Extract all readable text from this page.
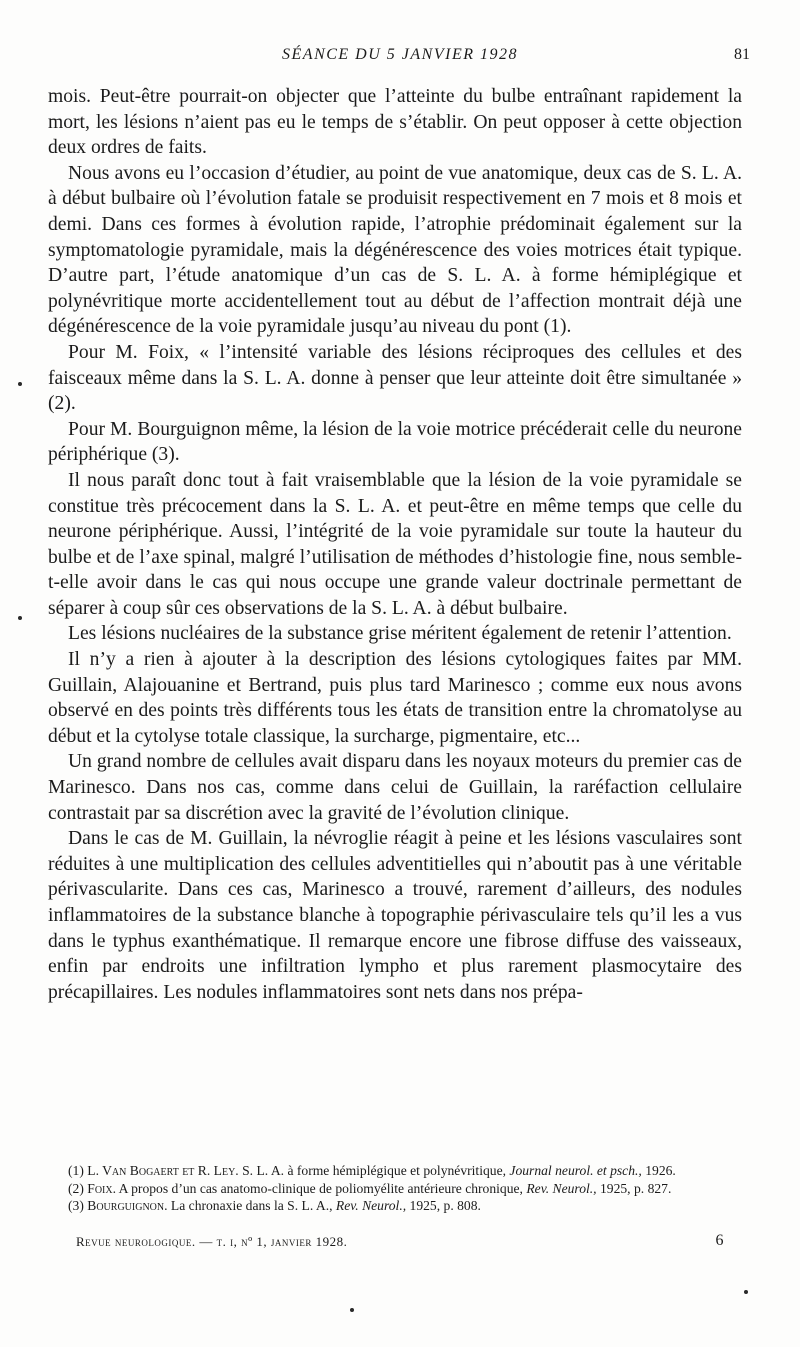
SÉANCE DU 5 JANVIER 1928	81

mois. Peut-être pourrait-on objecter que l’atteinte du bulbe entraînant rapidement la mort, les lésions n’aient pas eu le temps de s’établir. On peut opposer à cette objection deux ordres de faits.

Nous avons eu l’occasion d’étudier, au point de vue anatomique, deux cas de S. L. A. à début bulbaire où l’évolution fatale se produisit respectivement en 7 mois et 8 mois et demi. Dans ces formes à évolution rapide, l’atrophie prédominait également sur la symptomatologie pyramidale, mais la dégénérescence des voies motrices était typique. D’autre part, l’étude anatomique d’un cas de S. L. A. à forme hémiplégique et polynévritique morte accidentellement tout au début de l’affection montrait déjà une dégénérescence de la voie pyramidale jusqu’au niveau du pont (1).

Pour M. Foix, « l’intensité variable des lésions réciproques des cellules et des faisceaux même dans la S. L. A. donne à penser que leur atteinte doit être simultanée » (2).

Pour M. Bourguignon même, la lésion de la voie motrice précéderait celle du neurone périphérique (3).

Il nous paraît donc tout à fait vraisemblable que la lésion de la voie pyramidale se constitue très précocement dans la S. L. A. et peut-être en même temps que celle du neurone périphérique. Aussi, l’intégrité de la voie pyramidale sur toute la hauteur du bulbe et de l’axe spinal, malgré l’utilisation de méthodes d’histologie fine, nous semble-t-elle avoir dans le cas qui nous occupe une grande valeur doctrinale permettant de séparer à coup sûr ces observations de la S. L. A. à début bulbaire.

Les lésions nucléaires de la substance grise méritent également de retenir l’attention.

Il n’y a rien à ajouter à la description des lésions cytologiques faites par MM. Guillain, Alajouanine et Bertrand, puis plus tard Marinesco ; comme eux nous avons observé en des points très différents tous les états de transition entre la chromatolyse au début et la cytolyse totale classique, la surcharge, pigmentaire, etc...

Un grand nombre de cellules avait disparu dans les noyaux moteurs du premier cas de Marinesco. Dans nos cas, comme dans celui de Guillain, la raréfaction cellulaire contrastait par sa discrétion avec la gravité de l’évolution clinique.

Dans le cas de M. Guillain, la névroglie réagit à peine et les lésions vasculaires sont réduites à une multiplication des cellules adventitielles qui n’aboutit pas à une véritable périvascularite. Dans ces cas, Marinesco a trouvé, rarement d’ailleurs, des nodules inflammatoires de la substance blanche à topographie périvasculaire tels qu’il les a vus dans le typhus exanthématique. Il remarque encore une fibrose diffuse des vaisseaux, enfin par endroits une infiltration lympho et plus rarement plasmocytaire des précapillaires. Les nodules inflammatoires sont nets dans nos prépa-

(1) L. Van Bogaert et R. Ley. S. L. A. à forme hémiplégique et polynévritique, Journal neurol. et psch., 1926.

(2) Foix. A propos d’un cas anatomo-clinique de poliomyélite antérieure chronique, Rev. Neurol., 1925, p. 827.

(3) Bourguignon. La chronaxie dans la S. L. A., Rev. Neurol., 1925, p. 808.

Revue neurologique. — t. i, nº 1, janvier 1928.	6
